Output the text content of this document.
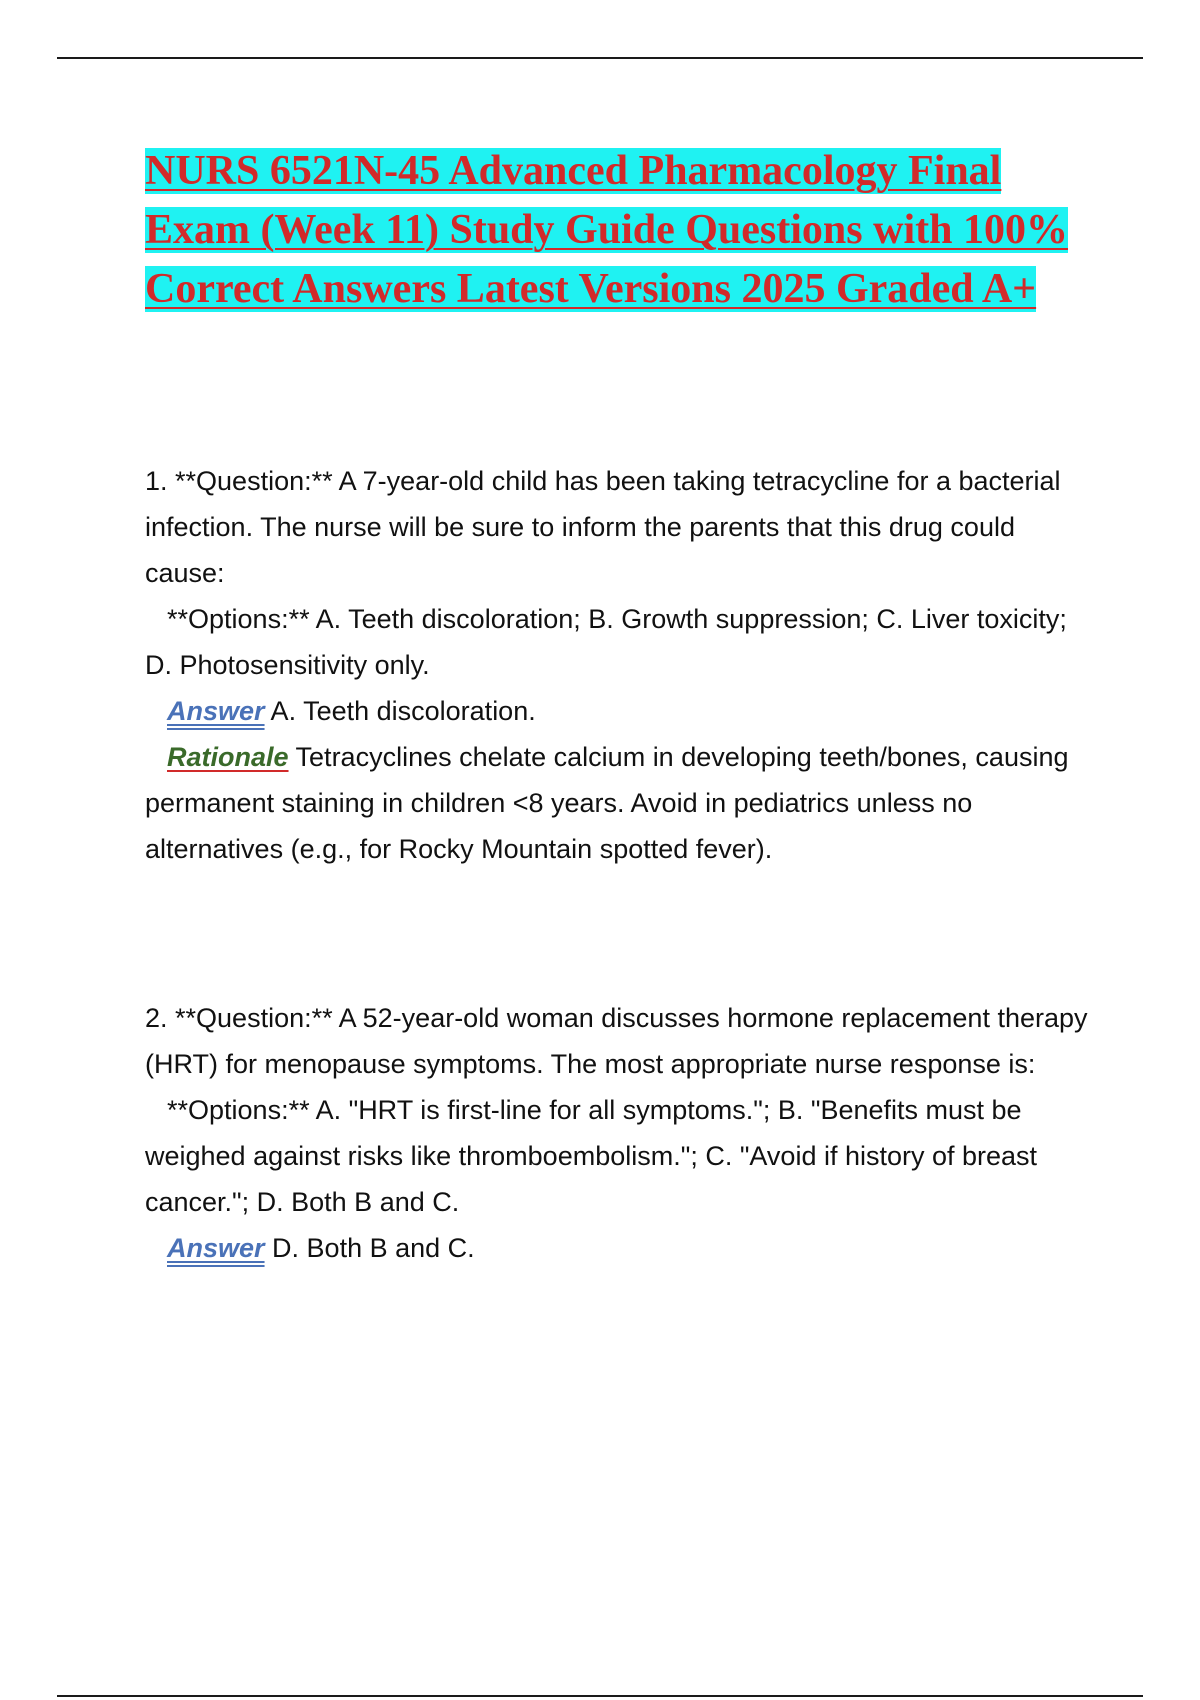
NURS 6521N-45 Advanced Pharmacology Final Exam (Week 11) Study Guide Questions with 100% Correct Answers Latest Versions 2025 Graded A+

1. **Question:** A 7-year-old child has been taking tetracycline for a bacterial infection. The nurse will be sure to inform the parents that this drug could cause:

**Options:** A. Teeth discoloration; B. Growth suppression; C. Liver toxicity; D. Photosensitivity only.

Answer A. Teeth discoloration.

Rationale Tetracyclines chelate calcium in developing teeth/bones, causing permanent staining in children <8 years. Avoid in pediatrics unless no alternatives (e.g., for Rocky Mountain spotted fever).

2. **Question:** A 52-year-old woman discusses hormone replacement therapy (HRT) for menopause symptoms. The most appropriate nurse response is:

**Options:** A. "HRT is first-line for all symptoms."; B. "Benefits must be weighed against risks like thromboembolism."; C. "Avoid if history of breast cancer."; D. Both B and C.

Answer D. Both B and C.
